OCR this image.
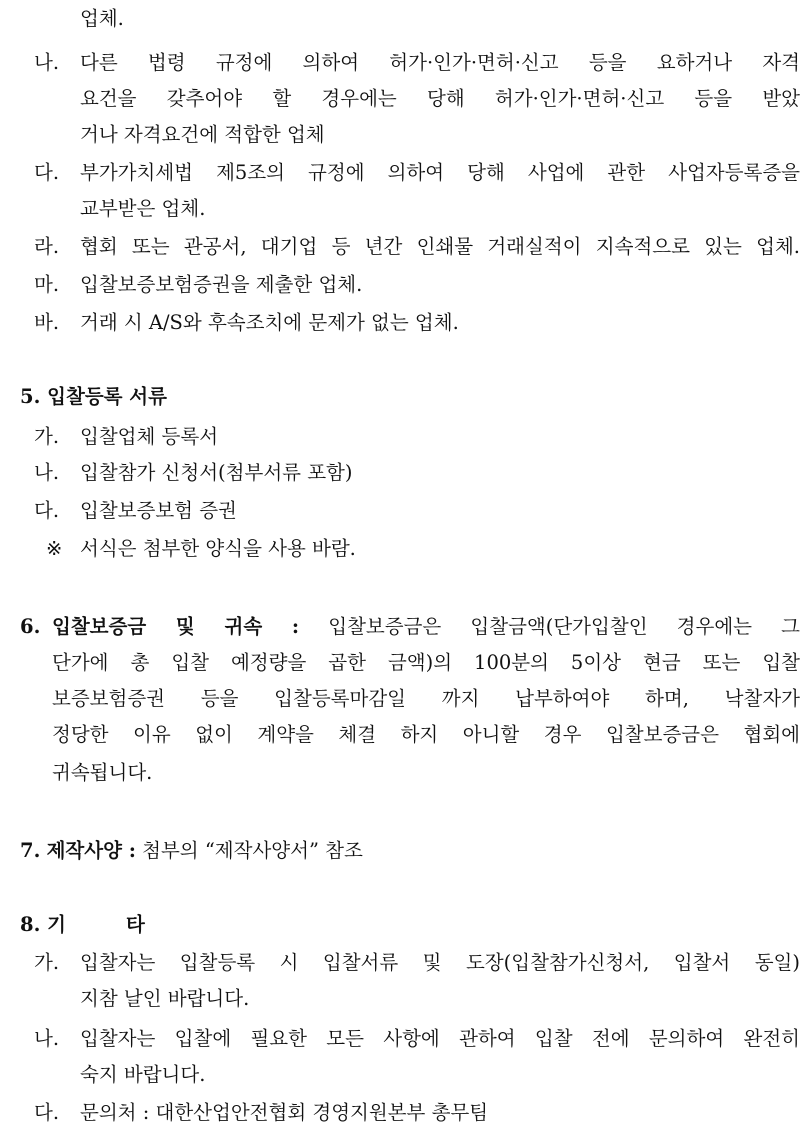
업체.
나. 다른 법령 규정에 의하여 허가·인가·면허·신고 등을 요하거나 자격
요건을 갖추어야 할 경우에는 당해 허가·인가·면허·신고 등을 받았
거나 자격요건에 적합한 업체
다. 부가가치세법 제5조의 규정에 의하여 당해 사업에 관한 사업자등록증을
교부받은 업체.
라. 협회 또는 관공서, 대기업 등 년간 인쇄물 거래실적이 지속적으로 있는 업체.
마. 입찰보증보험증권을 제출한 업체.
바. 거래 시 A/S와 후속조치에 문제가 없는 업체.
5. 입찰등록 서류
가. 입찰업체 등록서
나. 입찰참가 신청서(첨부서류 포함)
다. 입찰보증보험 증권
※ 서식은 첨부한 양식을 사용 바람.
6. 입찰보증금 및 귀속 : 입찰보증금은 입찰금액(단가입찰인 경우에는 그
단가에 총 입찰 예정량을 곱한 금액)의 100분의 5이상 현금 또는 입찰
보증보험증권 등을 입찰등록마감일 까지 납부하여야 하며, 낙찰자가
정당한 이유 없이 계약을 체결 하지 아니할 경우 입찰보증금은 협회에
귀속됩니다.
7. 제작사양 : 첨부의 “제작사양서” 참조
8. 기	타
가. 입찰자는 입찰등록 시 입찰서류 및 도장(입찰참가신청서, 입찰서 동일)
지참 날인 바랍니다.
나. 입찰자는 입찰에 필요한 모든 사항에 관하여 입찰 전에 문의하여 완전히
숙지 바랍니다.
다. 문의처 : 대한산업안전협회 경영지원본부 총무팀
